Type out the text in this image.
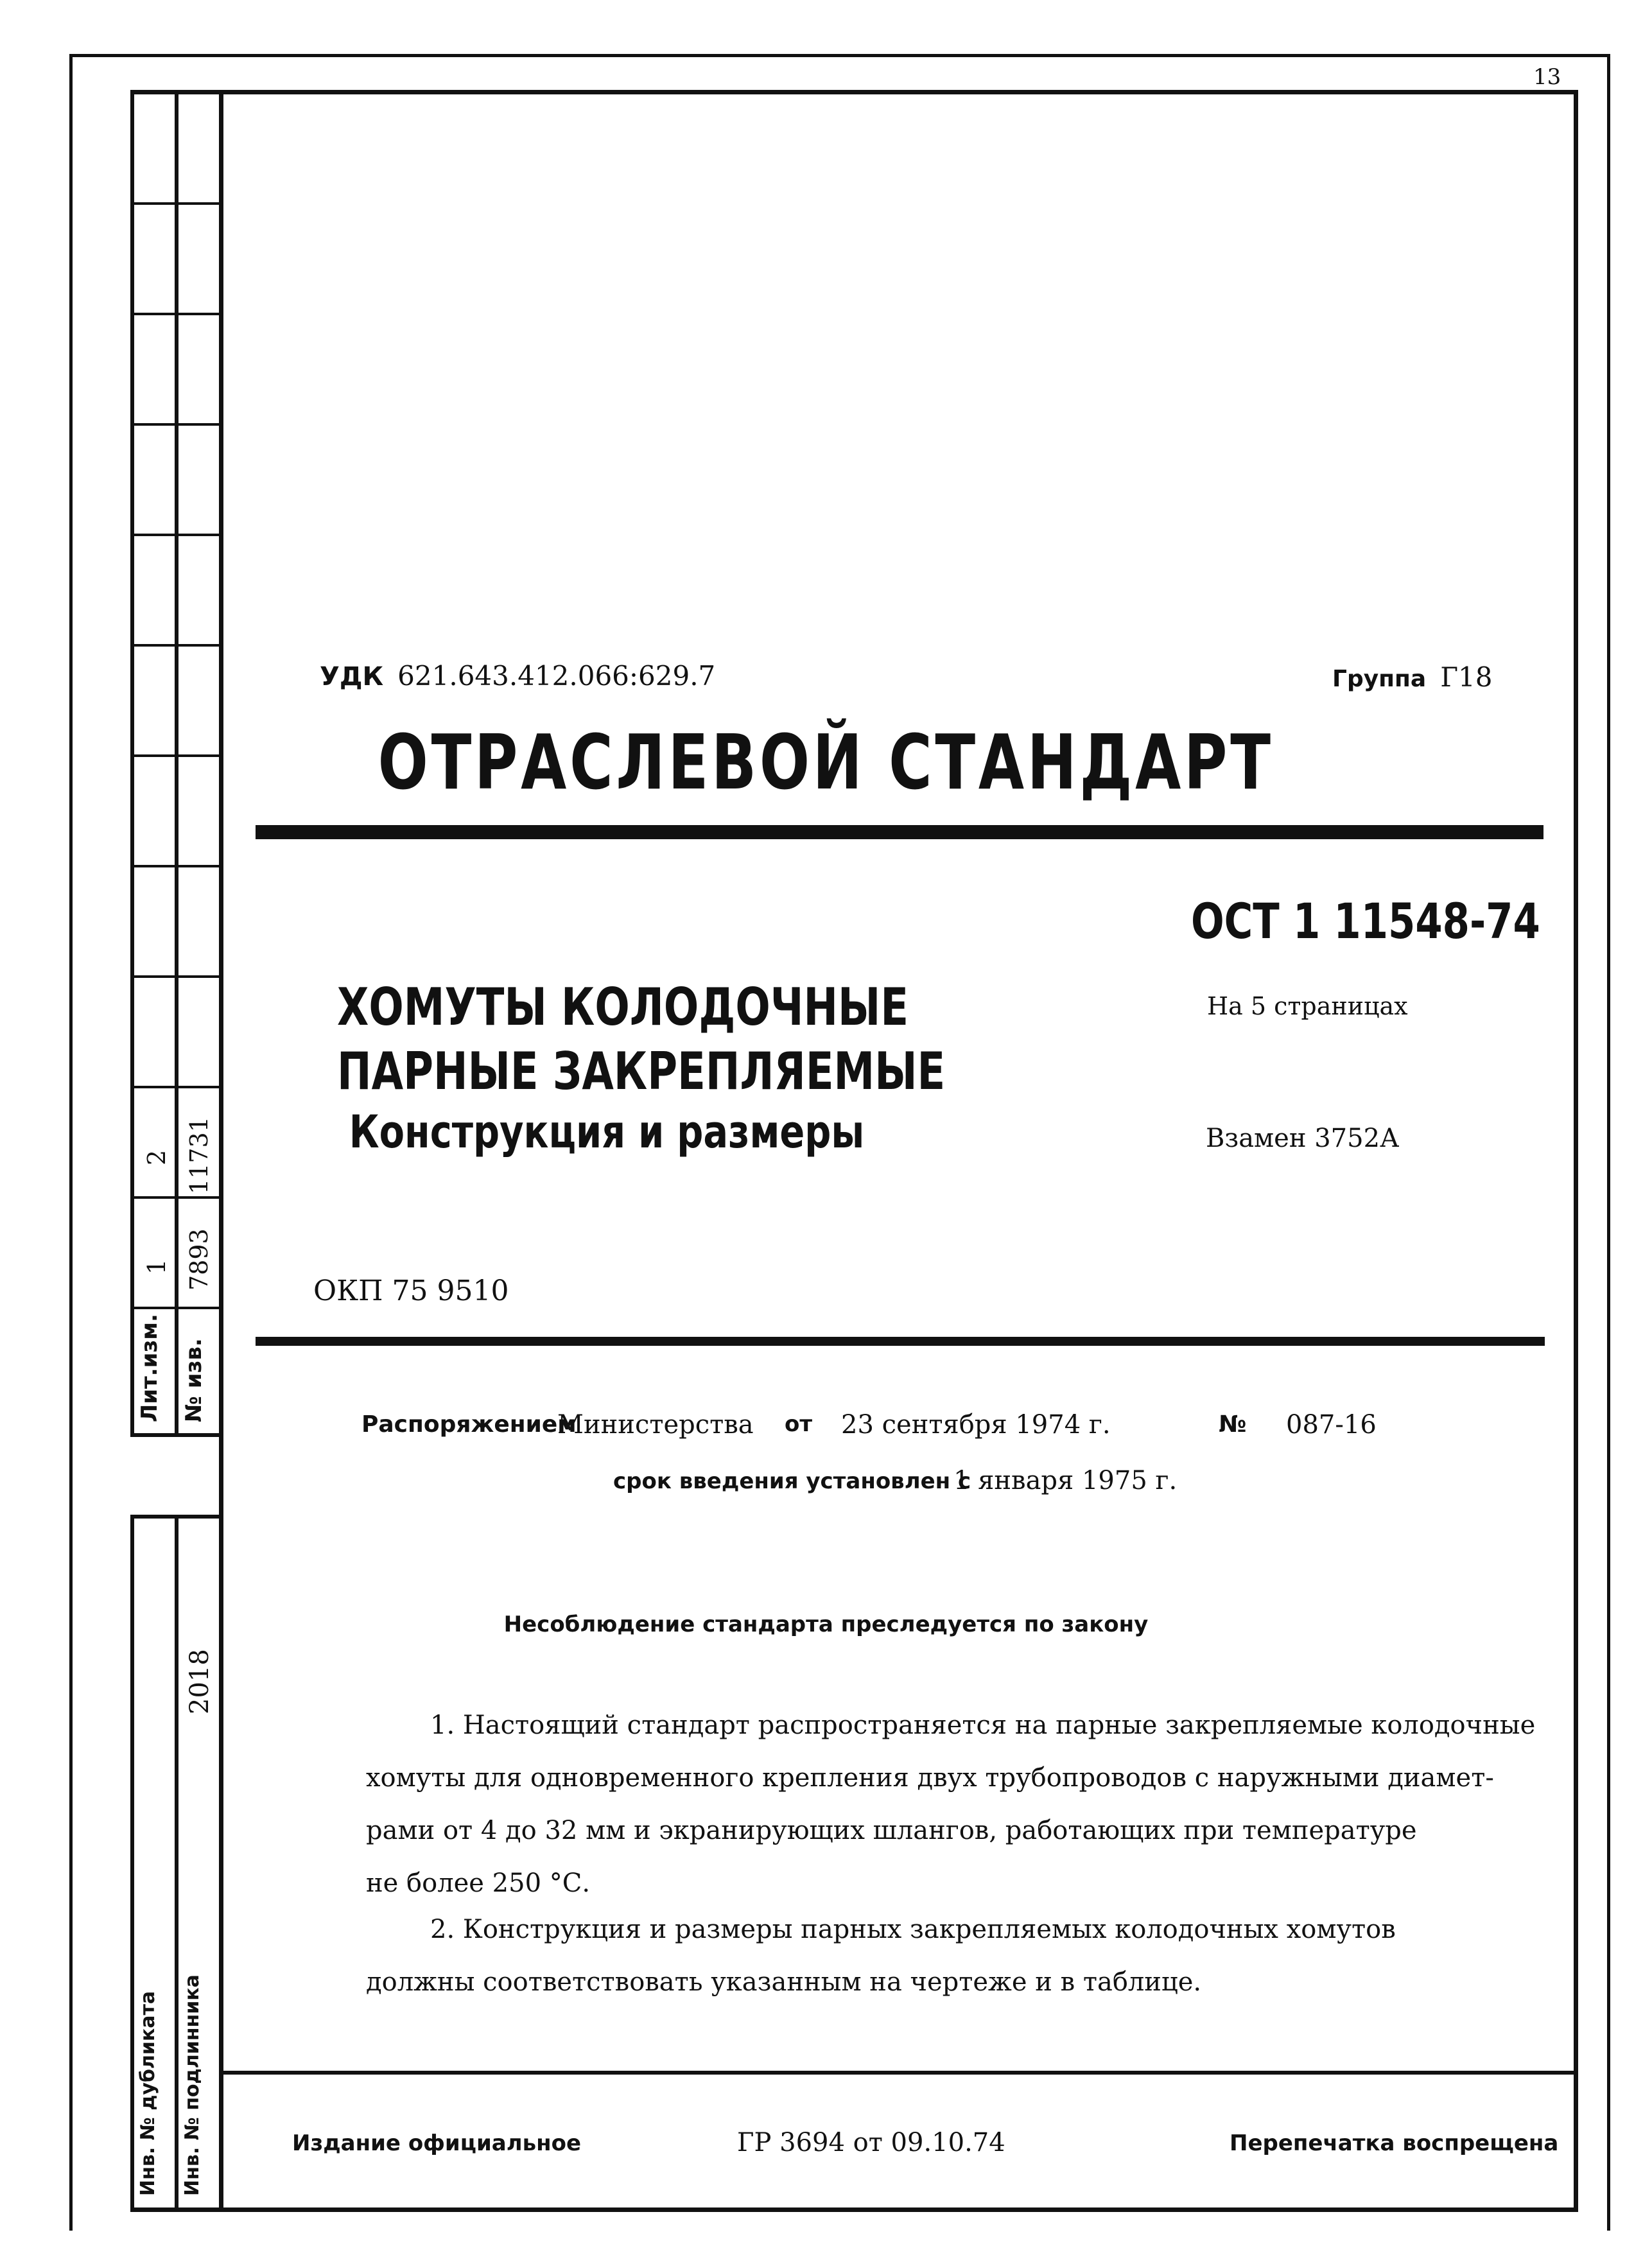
Лит.изм. № изв.
1 7893
2 11731
Инв. № дубликата Инв. № подлинника
2018
13
УДК 621.643.412.066:629.7	Группа Г18
ОТРАСЛЕВОЙ СТАНДАРТ
ОСТ 1 11548-74
ХОМУТЫ КОЛОДОЧНЫЕ
ПАРНЫЕ ЗАКРЕПЛЯЕМЫЕ
Конструкция и размеры
На 5 страницах
Взамен 3752А
ОКП 75 9510
Распоряжением
Министерства от 23 сентября 1974 г.	№ 087-16
срок введения установлен с
1 января 1975 г.
Несоблюдение стандарта преследуется по закону

1. Настоящий стандарт распространяется на парные закрепляемые колодочные

хомуты для одновременного крепления двух трубопроводов с наружными диамет-

рами от 4 до 32 мм и экранирующих шлангов, работающих при температуре

не более 250 °С.

2. Конструкция и размеры парных закрепляемых колодочных хомутов

должны соответствовать указанным на чертеже и в таблице.

Издание официальное	ГР 3694 от 09.10.74	Перепечатка воспрещена
